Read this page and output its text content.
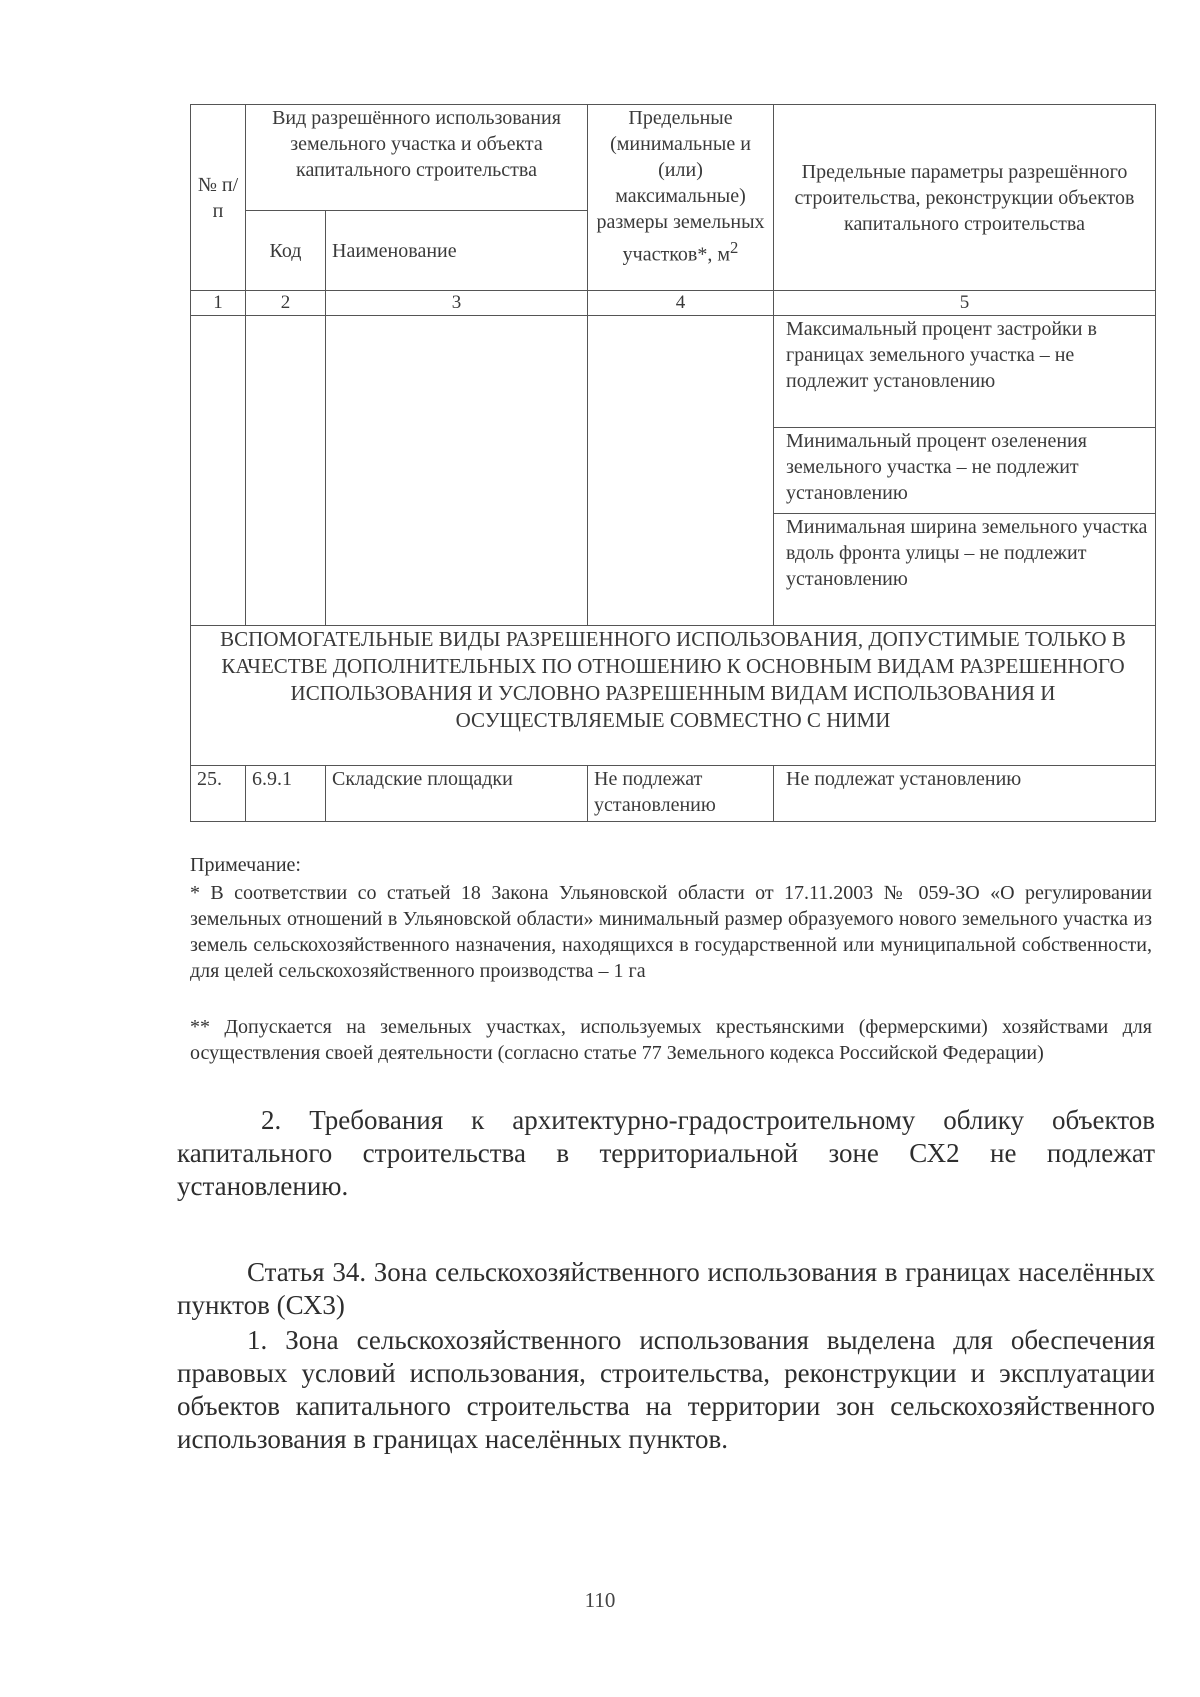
№ п/п	Вид разрешённого использования земельного участка и объекта капитального строительства		Предельные (минимальные и (или) максимальные) размеры земельных участков*, $м^2$	Предельные параметры разрешённого строительства, реконструкции объектов капитального строительства
	Код	Наименование		
1	2	3	4	5
				Максимальный процент застройки в границах земельного участка – не подлежит установлению
				Минимальный процент озеленения земельного участка – не подлежит установлению
				Минимальная ширина земельного участка вдоль фронта улицы – не подлежит установлению
ВСПОМОГАТЕЛЬНЫЕ ВИДЫ РАЗРЕШЕННОГО ИСПОЛЬЗОВАНИЯ, ДОПУСТИМЫЕ ТОЛЬКО В КАЧЕСТВЕ ДОПОЛНИТЕЛЬНЫХ ПО ОТНОШЕНИЮ К ОСНОВНЫМ ВИДАМ РАЗРЕШЕННОГО ИСПОЛЬЗОВАНИЯ И УСЛОВНО РАЗРЕШЕННЫМ ВИДАМ ИСПОЛЬЗОВАНИЯ И ОСУЩЕСТВЛЯЕМЫЕ СОВМЕСТНО С НИМИ				
25.	6.9.1	Складские площадки	Не подлежат установлению	Не подлежат установлению
Примечание:
* В соответствии со статьей 18 Закона Ульяновской области от 17.11.2003 № 059-ЗО «О регулировании земельных отношений в Ульяновской области» минимальный размер образуемого нового земельного участка из земель сельскохозяйственного назначения, находящихся в государственной или муниципальной собственности, для целей сельскохозяйственного производства – 1 га
** Допускается на земельных участках, используемых крестьянскими (фермерскими) хозяйствами для осуществления своей деятельности (согласно статье 77 Земельного кодекса Российской Федерации)
2. Требования к архитектурно-градостроительному облику объектов капитального строительства в территориальной зоне СХ2 не подлежат установлению.
Статья 34. Зона сельскохозяйственного использования в границах населённых пунктов (СХ3)
1. Зона сельскохозяйственного использования выделена для обеспечения правовых условий использования, строительства, реконструкции и эксплуатации объектов капитального строительства на территории зон сельскохозяйственного использования в границах населённых пунктов.
110
